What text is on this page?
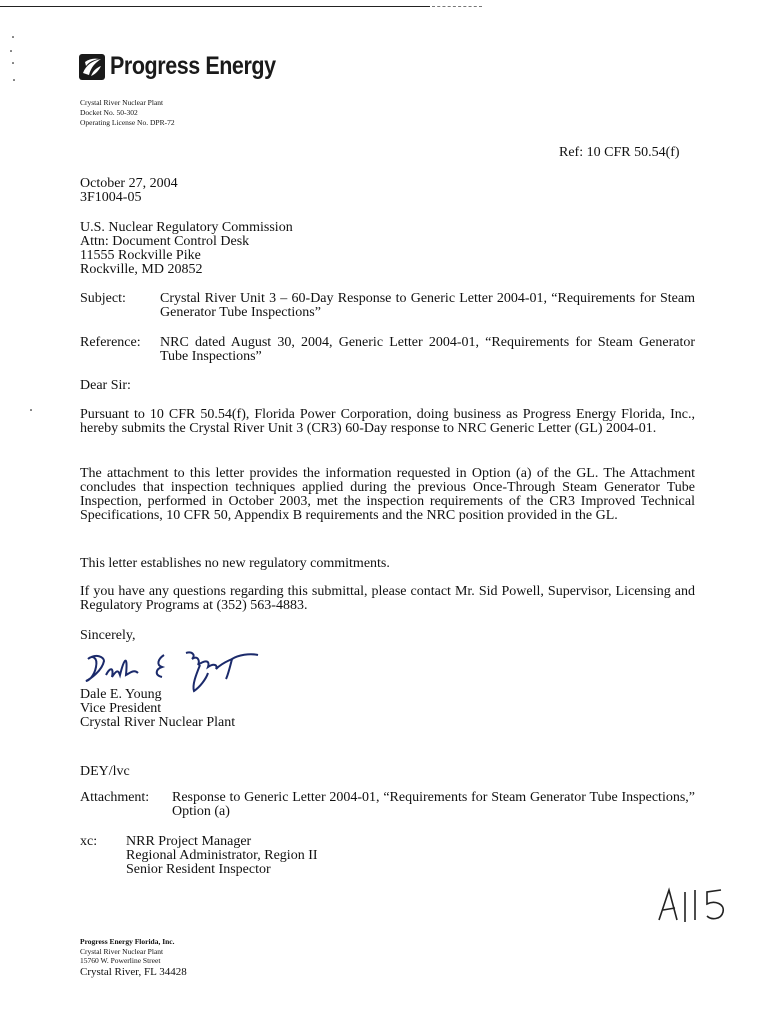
Progress Energy
Crystal River Nuclear Plant
Docket No. 50-302
Operating License No. DPR-72
Ref: 10 CFR 50.54(f)
October 27, 2004
3F1004-05
U.S. Nuclear Regulatory Commission
Attn: Document Control Desk
11555 Rockville Pike
Rockville, MD 20852
Subject:	Crystal River Unit 3 – 60-Day Response to Generic Letter 2004-01, “Requirements for Steam Generator Tube Inspections”
Reference:	NRC dated August 30, 2004, Generic Letter 2004-01, “Requirements for Steam Generator Tube Inspections”
Dear Sir:
Pursuant to 10 CFR 50.54(f), Florida Power Corporation, doing business as Progress Energy Florida, Inc., hereby submits the Crystal River Unit 3 (CR3) 60-Day response to NRC Generic Letter (GL) 2004-01.
The attachment to this letter provides the information requested in Option (a) of the GL. The Attachment concludes that inspection techniques applied during the previous Once-Through Steam Generator Tube Inspection, performed in October 2003, met the inspection requirements of the CR3 Improved Technical Specifications, 10 CFR 50, Appendix B requirements and the NRC position provided in the GL.
This letter establishes no new regulatory commitments.
If you have any questions regarding this submittal, please contact Mr. Sid Powell, Supervisor, Licensing and Regulatory Programs at (352) 563-4883.
Sincerely,
Dale E. Young
Vice President
Crystal River Nuclear Plant
DEY/lvc
Attachment:	Response to Generic Letter 2004-01, “Requirements for Steam Generator Tube Inspections,” Option (a)
xc:	NRR Project Manager
Regional Administrator, Region II
Senior Resident Inspector
Progress Energy Florida, Inc.
Crystal River Nuclear Plant
15760 W. Powerline Street
Crystal River, FL 34428
